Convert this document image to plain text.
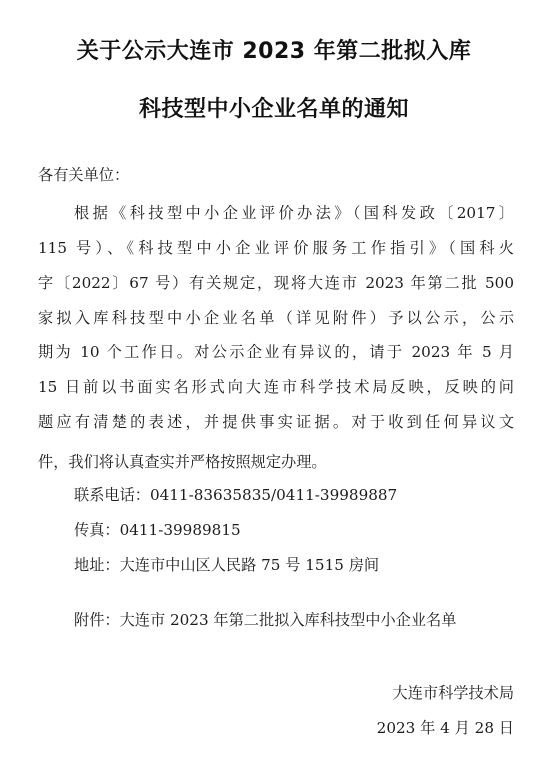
关于公示大连市 2023 年第二批拟入库
科技型中小企业名单的通知
各有关单位：
根据《科技型中小企业评价办法》（国科发政〔2017〕
115 号）、《科技型中小企业评价服务工作指引》（国科火
字〔2022〕67 号）有关规定，现将大连市 2023 年第二批 500
家拟入库科技型中小企业名单（详见附件）予以公示，公示
期为 10 个工作日。对公示企业有异议的，请于 2023 年 5 月
15 日前以书面实名形式向大连市科学技术局反映，反映的问
题应有清楚的表述，并提供事实证据。对于收到任何异议文
件，我们将认真查实并严格按照规定办理。
联系电话：0411-83635835/0411-39989887
传真：0411-39989815
地址：大连市中山区人民路 75 号 1515 房间
附件：大连市 2023 年第二批拟入库科技型中小企业名单
大连市科学技术局
2023 年 4 月 28 日
